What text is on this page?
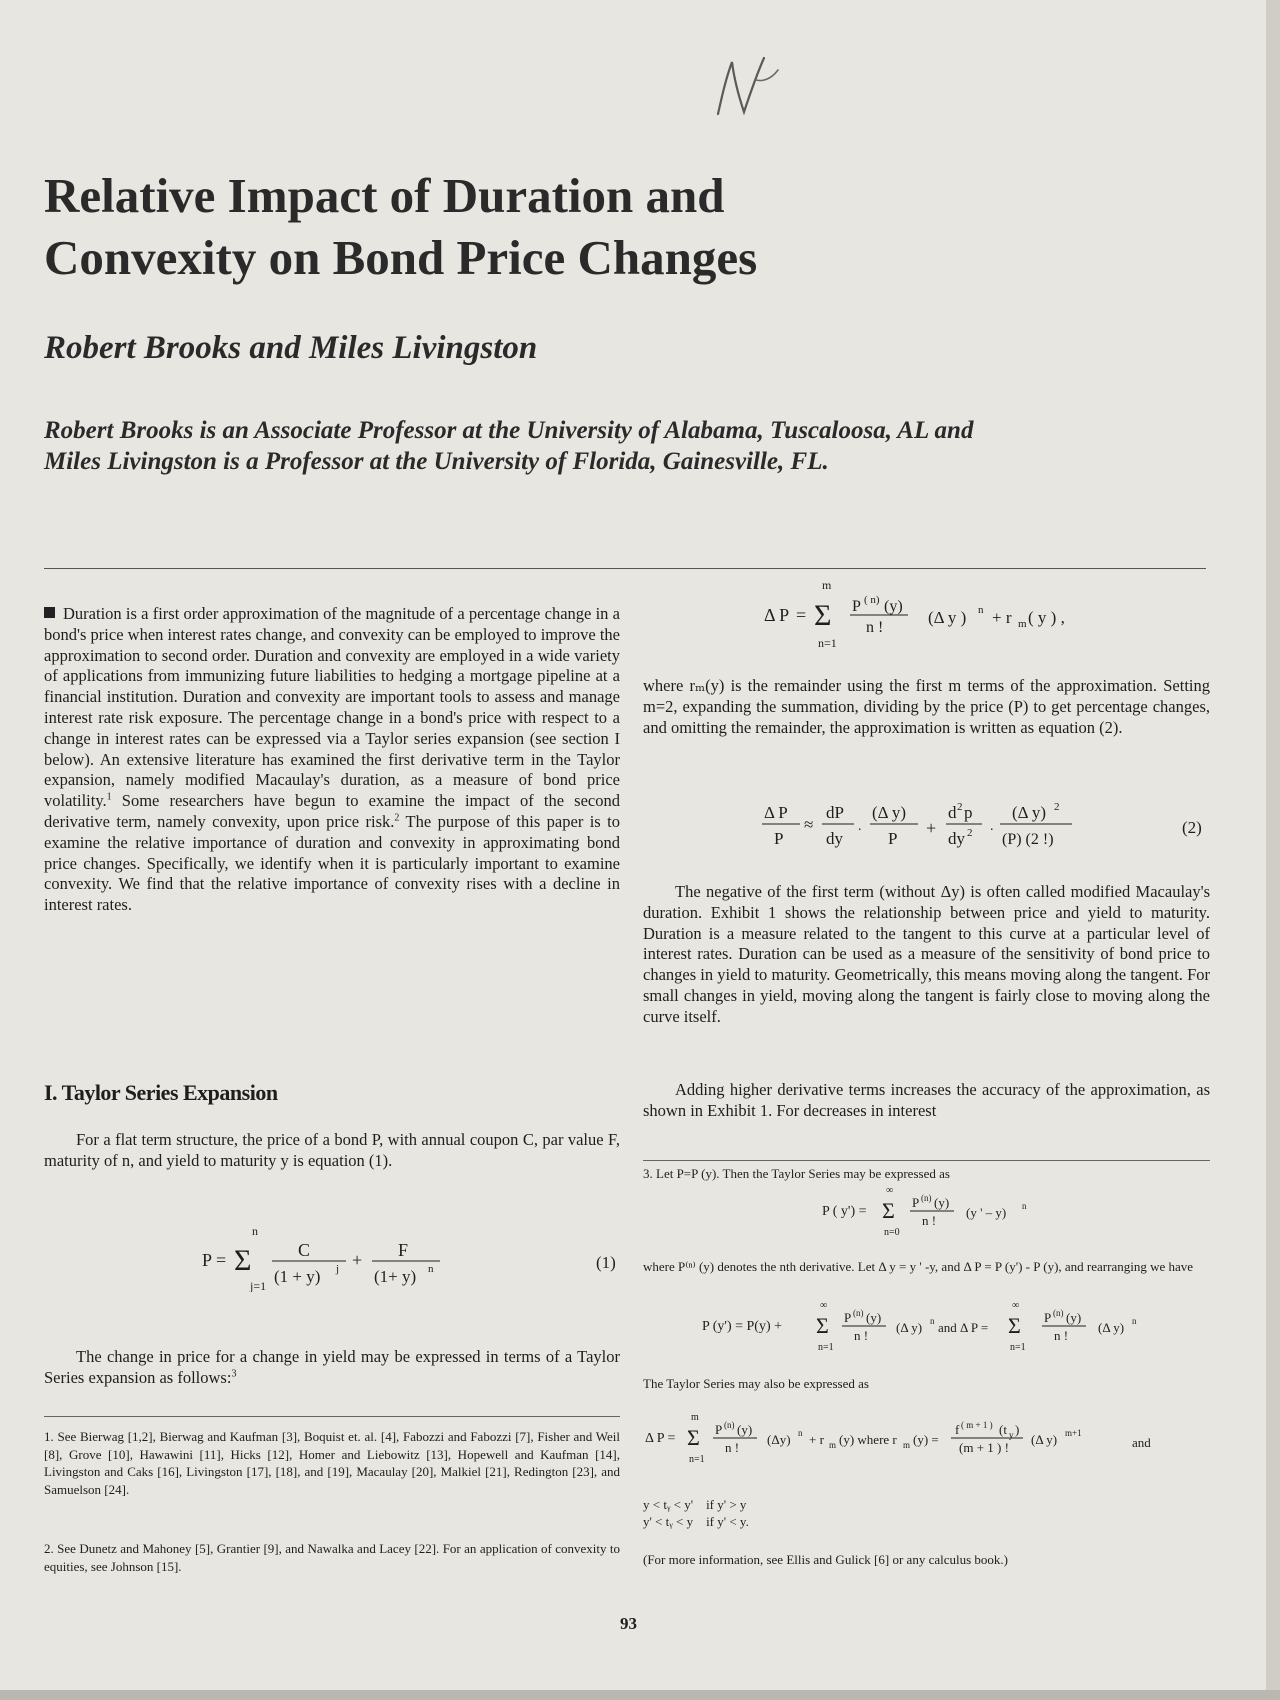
Relative Impact of Duration and
Convexity on Bond Price Changes

Robert Brooks and Miles Livingston

Robert Brooks is an Associate Professor at the University of Alabama, Tuscaloosa, AL and
Miles Livingston is a Professor at the University of Florida, Gainesville, FL.

Duration is a first order approximation of the magnitude of a percentage change in a bond's price when interest rates change, and convexity can be employed to improve the approximation to second order. Duration and convexity are employed in a wide variety of applications from immunizing future liabilities to hedging a mortgage pipeline at a financial institution. Duration and convexity are important tools to assess and manage interest rate risk exposure. The percentage change in a bond's price with respect to a change in interest rates can be expressed via a Taylor series expansion (see section I below). An extensive literature has examined the first derivative term in the Taylor expansion, namely modified Macaulay's duration, as a measure of bond price volatility.$^1$ Some researchers have begun to examine the impact of the second derivative term, namely convexity, upon price risk.$^2$ The purpose of this paper is to examine the relative importance of duration and convexity in approximating bond price changes. Specifically, we identify when it is particularly important to examine convexity. We find that the relative importance of convexity rises with a decline in interest rates.

I. Taylor Series Expansion

For a flat term structure, the price of a bond P, with annual coupon C, par value F, maturity of n, and yield to maturity y is equation (1).

n
P = Σ
j=1
C
(1 + y) j + F
(1+ y) n	(1)

The change in price for a change in yield may be expressed in terms of a Taylor Series expansion as follows:$^3$

1. See Bierwag [1,2], Bierwag and Kaufman [3], Boquist et. al. [4], Fabozzi and Fabozzi [7], Fisher and Weil [8], Grove [10], Hawawini [11], Hicks [12], Homer and Liebowitz [13], Hopewell and Kaufman [14], Livingston and Caks [16], Livingston [17], [18], and [19], Macaulay [20], Malkiel [21], Redington [23], and Samuelson [24].

2. See Dunetz and Mahoney [5], Grantier [9], and Nawalka and Lacey [22]. For an application of convexity to equities, see Johnson [15].

m
Δ P = Σ
n=1
P ( n) (y)
n !
(Δ y ) n + r m ( y ) ,

where rₘ(y) is the remainder using the first m terms of the approximation. Setting m=2, expanding the summation, dividing by the price (P) to get percentage changes, and omitting the remainder, the approximation is written as equation (2).

Δ P
P
≈
dP
dy
.
(Δ y)
P
+
d 2 p
dy 2 .
(Δ y) 2
(P) (2 !)
(2)

The negative of the first term (without Δy) is often called modified Macaulay's duration. Exhibit 1 shows the relationship between price and yield to maturity. Duration is a measure related to the tangent to this curve at a particular level of interest rates. Duration can be used as a measure of the sensitivity of bond price to changes in yield to maturity. Geometrically, this means moving along the tangent. For small changes in yield, moving along the tangent is fairly close to moving along the curve itself.

Adding higher derivative terms increases the accuracy of the approximation, as shown in Exhibit 1. For decreases in interest

3. Let P=P (y). Then the Taylor Series may be expressed as

∞
P ( y') = Σ
n=0
P (n) (y)
n !
(y ' – y) n

where P⁽ⁿ⁾ (y) denotes the nth derivative. Let Δ y = y ' -y, and Δ P = P (y') - P (y), and rearranging we have

∞
P (y') = P(y) + Σ
n=1
P (n) (y)
n !
(Δ y) n and Δ P =
∞
Σ
n=1
P (n) (y)
n !
(Δ y) n

The Taylor Series may also be expressed as

m
Δ P = Σ
n=1
P (n) (y)
n !
(Δy) n + r m (y) where r m (y) =
f ( m + 1 ) (t y )
(m + 1 ) !
(Δ y) m+1
and
y < tᵧ < y'    if y' > y
y' < tᵧ < y    if y' < y.

(For more information, see Ellis and Gulick [6] or any calculus book.)

93
